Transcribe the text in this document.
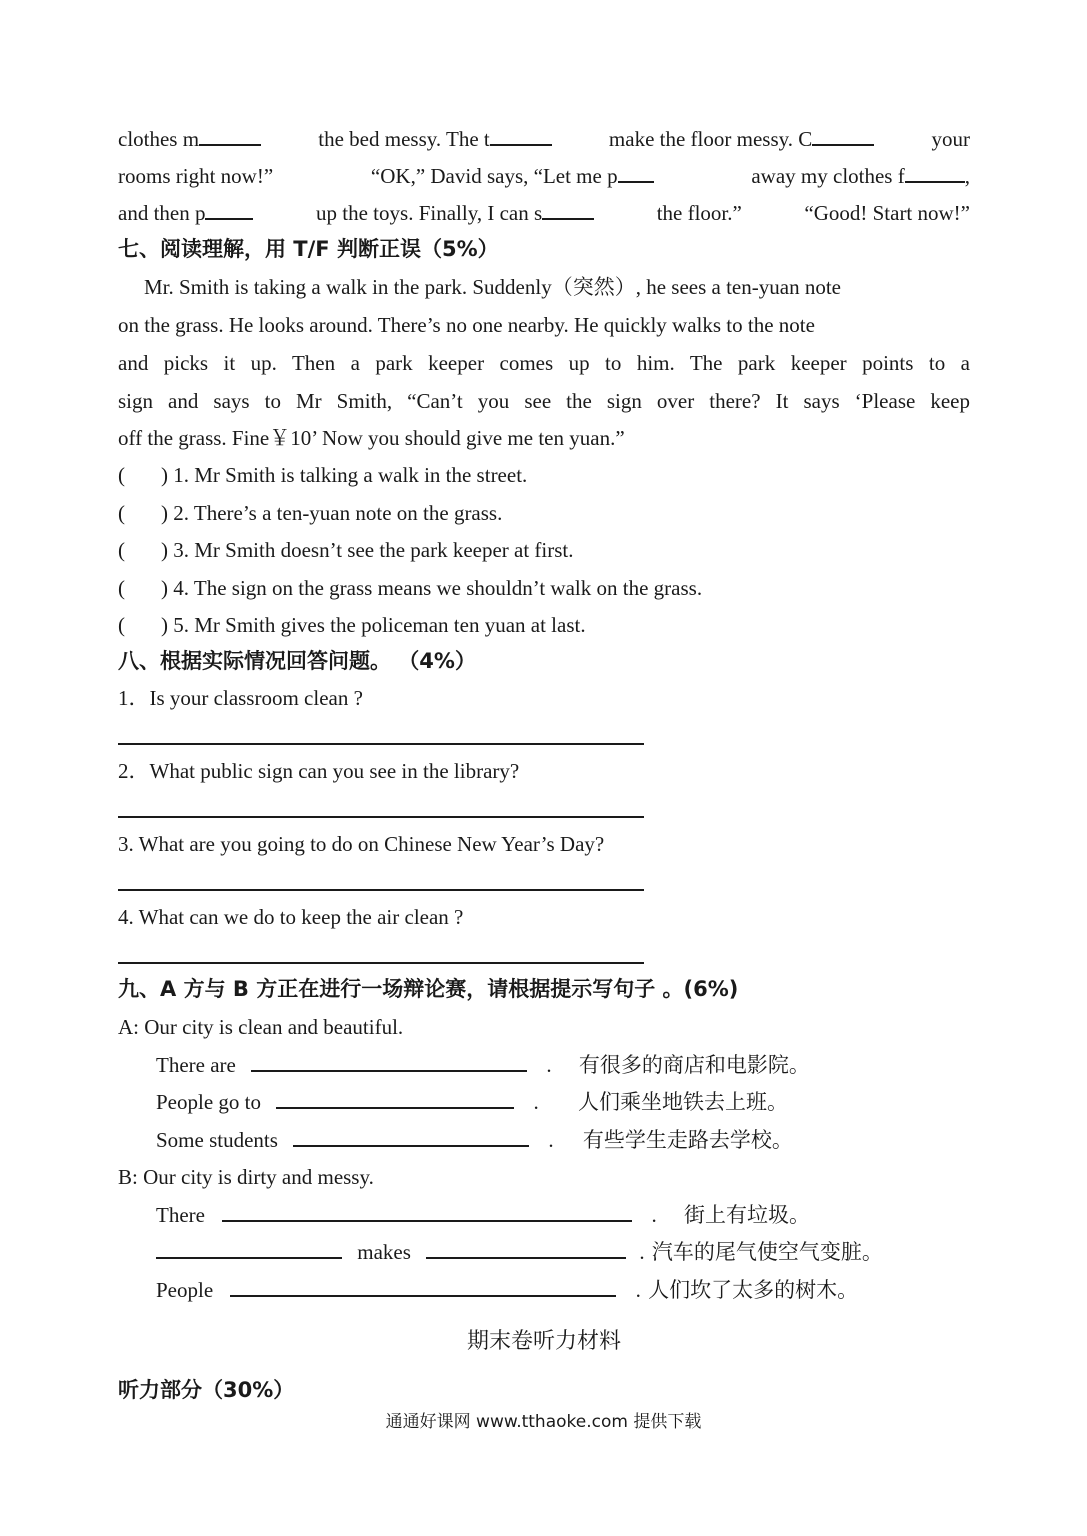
clothes m	the bed messy. The t	make the floor messy. C	your
rooms right now!”	“OK,” David says, “Let me p	away my clothes f	,
and then p	up the toys. Finally, I can s	the floor.”	“Good! Start now!”
七、阅读理解，用 T/F 判断正误（5%）
Mr. Smith is taking a walk in the park. Suddenly（突然）, he sees a ten-yuan note
on the grass. He looks around. There’s no one nearby. He quickly walks to the note
and picks it up. Then a park keeper comes up to him. The park keeper points to a
sign and says to Mr Smith, “Can’t you see the sign over there? It says ‘Please keep
off the grass. Fine￥10’ Now you should give me ten yuan.”
( ) 1. Mr Smith is talking a walk in the street.
( ) 2. There’s a ten-yuan note on the grass.
( ) 3. Mr Smith doesn’t see the park keeper at first.
( ) 4. The sign on the grass means we shouldn’t walk on the grass.
( ) 5. Mr Smith gives the policeman ten yuan at last.
八、根据实际情况回答问题。 （4%）
1．Is your classroom clean ?
2．What public sign can you see in the library?
3. What are you going to do on Chinese New Year’s Day?
4. What can we do to keep the air clean ?
九、A 方与 B 方正在进行一场辩论赛，请根据提示写句子 。(6%)
A: Our city is clean and beautiful.
There are	. 有很多的商店和电影院。
People go to	. 人们乘坐地铁去上班。
Some students	. 有些学生走路去学校。
B: Our city is dirty and messy.
There	. 街上有垃圾。
makes	. 汽车的尾气使空气变脏。
People	. 人们坎了太多的树木。
期末卷听力材料
听力部分（30%）
通通好课网 www.tthaoke.com 提供下载
